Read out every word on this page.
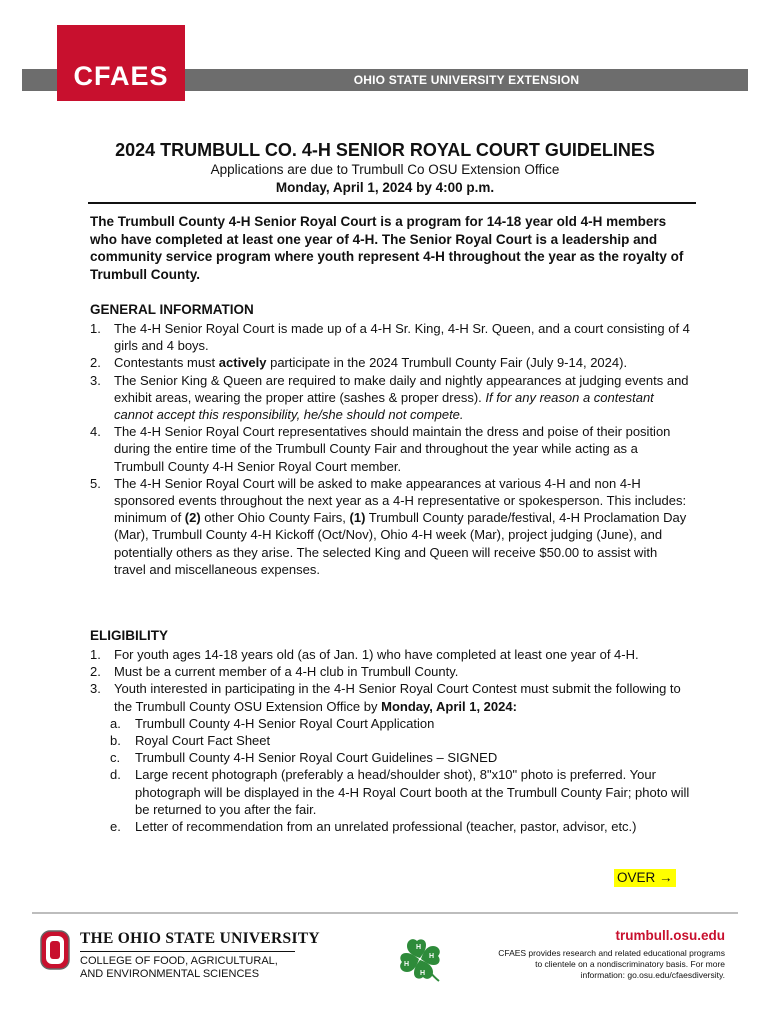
CFAES	OHIO STATE UNIVERSITY EXTENSION
2024 TRUMBULL CO. 4-H SENIOR ROYAL COURT GUIDELINES
Applications are due to Trumbull Co OSU Extension Office
Monday, April 1, 2024 by 4:00 p.m.
The Trumbull County 4-H Senior Royal Court is a program for 14-18 year old 4-H members who have completed at least one year of 4-H. The Senior Royal Court is a leadership and community service program where youth represent 4-H throughout the year as the royalty of Trumbull County.
GENERAL INFORMATION
1. The 4-H Senior Royal Court is made up of a 4-H Sr. King, 4-H Sr. Queen, and a court consisting of 4 girls and 4 boys.
2. Contestants must actively participate in the 2024 Trumbull County Fair (July 9-14, 2024).
3. The Senior King & Queen are required to make daily and nightly appearances at judging events and exhibit areas, wearing the proper attire (sashes & proper dress). If for any reason a contestant cannot accept this responsibility, he/she should not compete.
4. The 4-H Senior Royal Court representatives should maintain the dress and poise of their position during the entire time of the Trumbull County Fair and throughout the year while acting as a Trumbull County 4-H Senior Royal Court member.
5. The 4-H Senior Royal Court will be asked to make appearances at various 4-H and non 4-H sponsored events throughout the next year as a 4-H representative or spokesperson. This includes: minimum of (2) other Ohio County Fairs, (1) Trumbull County parade/festival, 4-H Proclamation Day (Mar), Trumbull County 4-H Kickoff (Oct/Nov), Ohio 4-H week (Mar), project judging (June), and potentially others as they arise. The selected King and Queen will receive $50.00 to assist with travel and miscellaneous expenses.
ELIGIBILITY
1. For youth ages 14-18 years old (as of Jan. 1) who have completed at least one year of 4-H.
2. Must be a current member of a 4-H club in Trumbull County.
3. Youth interested in participating in the 4-H Senior Royal Court Contest must submit the following to the Trumbull County OSU Extension Office by Monday, April 1, 2024:
a. Trumbull County 4-H Senior Royal Court Application
b. Royal Court Fact Sheet
c. Trumbull County 4-H Senior Royal Court Guidelines – SIGNED
d. Large recent photograph (preferably a head/shoulder shot), 8"x10" photo is preferred. Your photograph will be displayed in the 4-H Royal Court booth at the Trumbull County Fair; photo will be returned to you after the fair.
e. Letter of recommendation from an unrelated professional (teacher, pastor, advisor, etc.)
OVER →
THE OHIO STATE UNIVERSITY
COLLEGE OF FOOD, AGRICULTURAL,
AND ENVIRONMENTAL SCIENCES
H
H
H
H
trumbull.osu.edu
CFAES provides research and related educational programs to clientele on a nondiscriminatory basis. For more information: go.osu.edu/cfaesdiversity.
